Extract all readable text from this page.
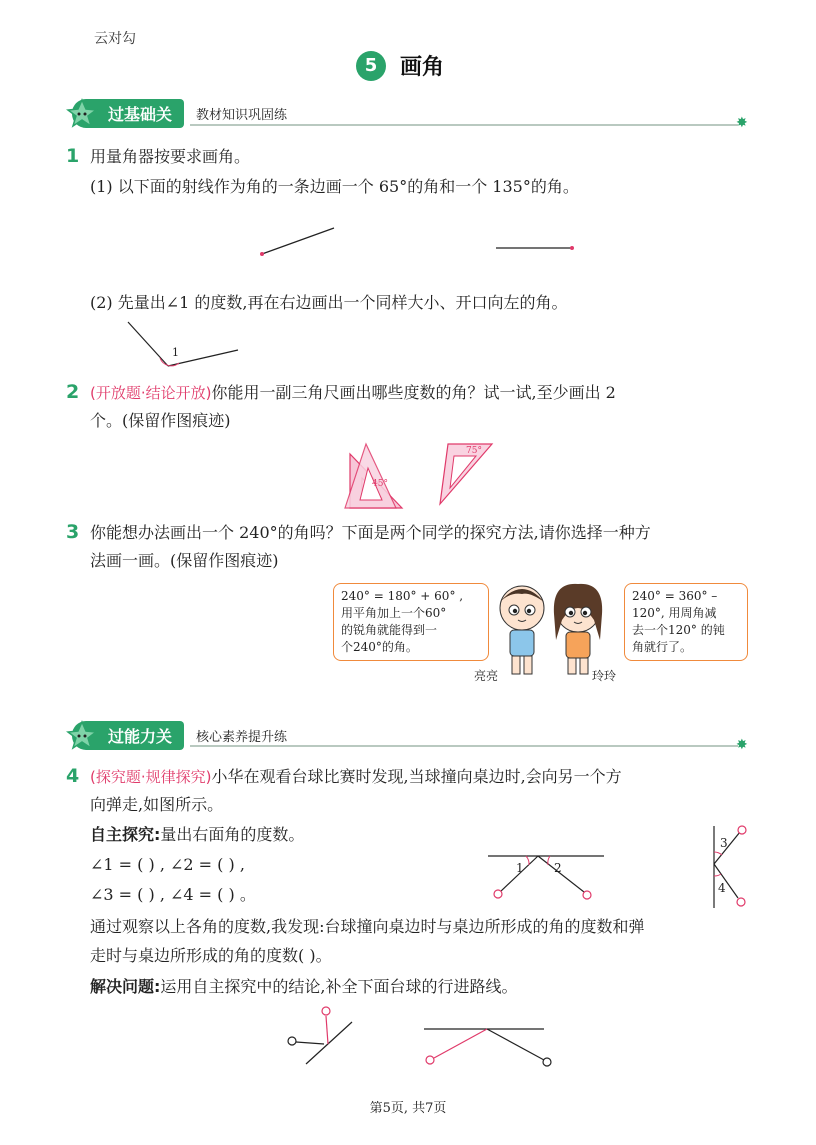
云对勾
5	画角
过基础关	教材知识巩固练	✸
1 用量角器按要求画角。
(1) 以下面的射线作为角的一条边画一个 65°的角和一个 135°的角。
(2) 先量出∠1 的度数,再在右边画出一个同样大小、开口向左的角。
1
2 (开放题·结论开放)你能用一副三角尺画出哪些度数的角？试一试,至少画出 2
个。(保留作图痕迹)
45°
75°
3 你能想办法画出一个 240°的角吗？下面是两个同学的探究方法,请你选择一种方
法画一画。(保留作图痕迹)
240° = 180° + 60° ,
用平角加上一个60°
的锐角就能得到一
个240°的角。
240° = 360° –
120°, 用周角减
去一个120° 的钝
角就行了。
亮亮	玲玲
过能力关	核心素养提升练	✸
4 (探究题·规律探究)小华在观看台球比赛时发现,当球撞向桌边时,会向另一个方
向弹走,如图所示。
自主探究:量出右面角的度数。
∠1 = ( ) , ∠2 = ( ) ,
∠3 = ( ) , ∠4 = ( ) 。
1	2
3
4
通过观察以上各角的度数,我发现:台球撞向桌边时与桌边所形成的角的度数和弹
走时与桌边所形成的角的度数( )。
解决问题:运用自主探究中的结论,补全下面台球的行进路线。
第5页, 共7页
